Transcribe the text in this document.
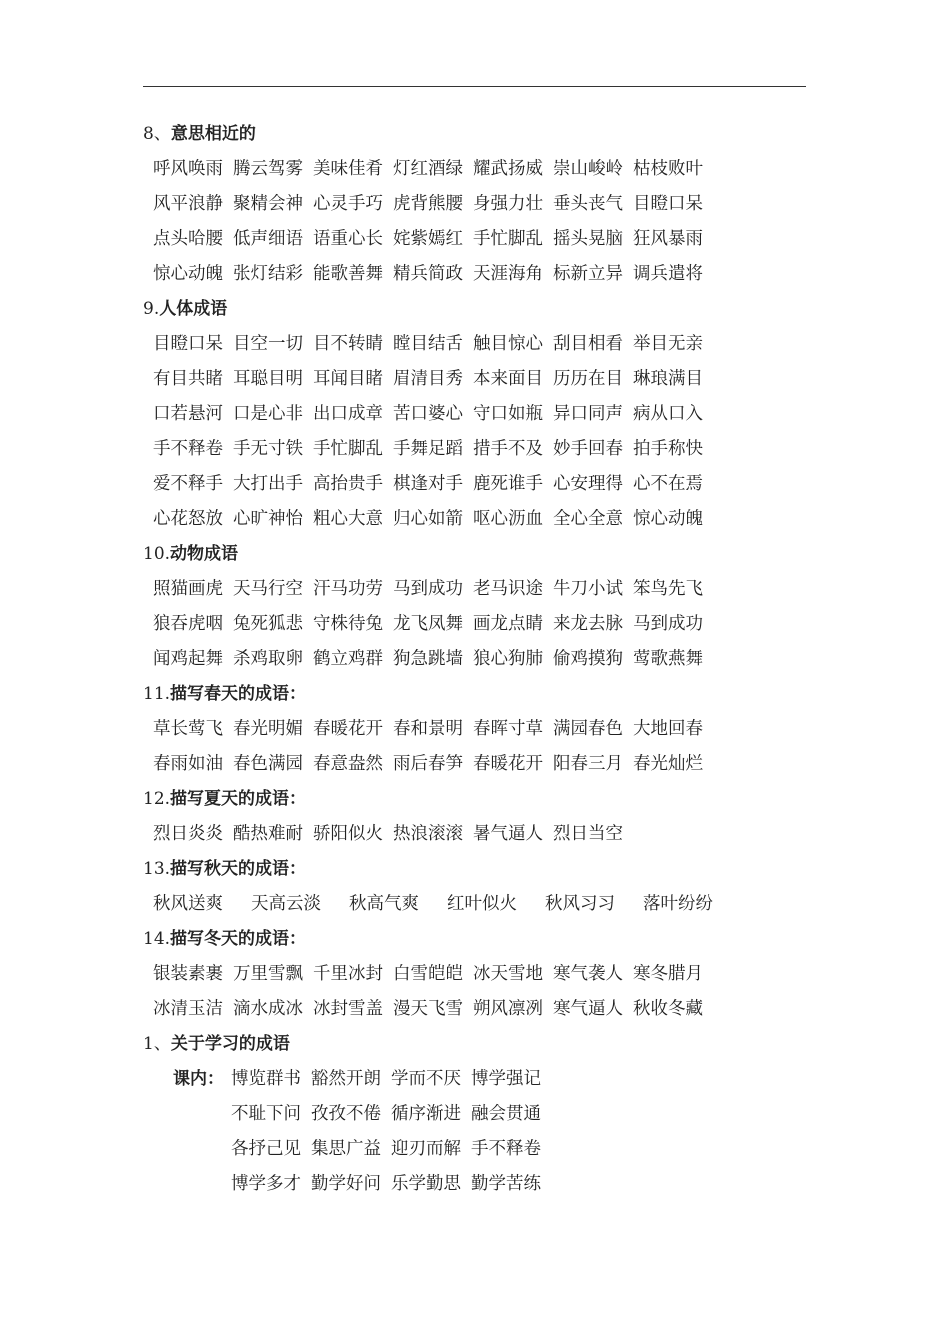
8、意思相近的
呼风唤雨 腾云驾雾 美味佳肴 灯红酒绿 耀武扬威 崇山峻岭 枯枝败叶
风平浪静 聚精会神 心灵手巧 虎背熊腰 身强力壮 垂头丧气 目瞪口呆
点头哈腰 低声细语 语重心长 姹紫嫣红 手忙脚乱 摇头晃脑 狂风暴雨
惊心动魄 张灯结彩 能歌善舞 精兵简政 天涯海角 标新立异 调兵遣将
9.人体成语
目瞪口呆 目空一切 目不转睛 瞠目结舌 触目惊心 刮目相看 举目无亲
有目共睹 耳聪目明 耳闻目睹 眉清目秀 本来面目 历历在目 琳琅满目
口若悬河 口是心非 出口成章 苦口婆心 守口如瓶 异口同声 病从口入
手不释卷 手无寸铁 手忙脚乱 手舞足蹈 措手不及 妙手回春 拍手称快
爱不释手 大打出手 高抬贵手 棋逢对手 鹿死谁手 心安理得 心不在焉
心花怒放 心旷神怡 粗心大意 归心如箭 呕心沥血 全心全意 惊心动魄
10.动物成语
照猫画虎 天马行空 汗马功劳 马到成功 老马识途 牛刀小试 笨鸟先飞
狼吞虎咽 兔死狐悲 守株待兔 龙飞凤舞 画龙点睛 来龙去脉 马到成功
闻鸡起舞 杀鸡取卵 鹤立鸡群 狗急跳墙 狼心狗肺偷鸡摸狗 莺歌燕舞
11.描写春天的成语：
草长莺飞 春光明媚 春暖花开 春和景明 春晖寸草 满园春色 大地回春
春雨如油 春色满园 春意盎然 雨后春笋 春暖花开 阳春三月 春光灿烂
12.描写夏天的成语：
烈日炎炎 酷热难耐 骄阳似火 热浪滚滚 暑气逼人 烈日当空
13.描写秋天的成语：
秋风送爽 天高云淡 秋高气爽 红叶似火 秋风习习 落叶纷纷
14.描写冬天的成语：
银装素裹 万里雪飘 千里冰封 白雪皑皑 冰天雪地 寒气袭人 寒冬腊月
冰清玉洁 滴水成冰 冰封雪盖 漫天飞雪 朔风凛冽 寒气逼人秋收冬藏
1、关于学习的成语
课内： 博览群书 豁然开朗 学而不厌 博学强记
不耻下问 孜孜不倦 循序渐进 融会贯通
各抒己见 集思广益 迎刃而解 手不释卷
博学多才 勤学好问 乐学勤思 勤学苦练
